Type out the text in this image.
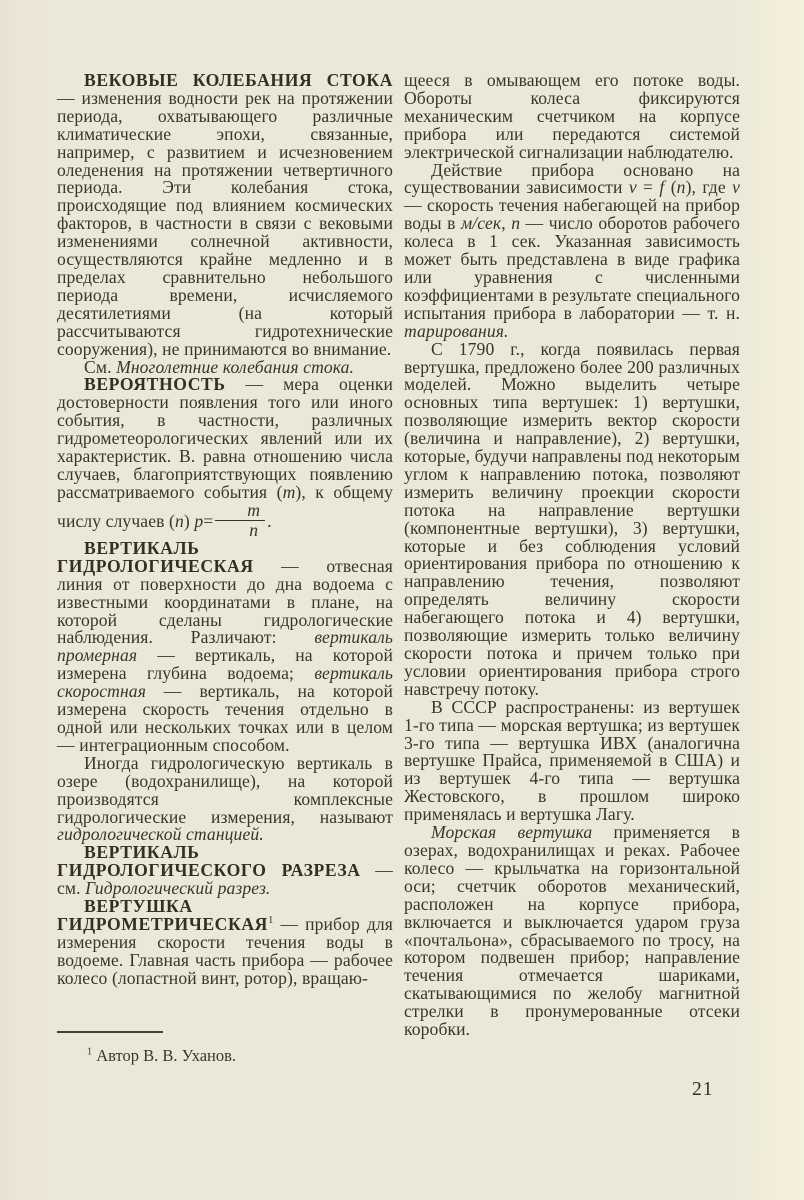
ВЕКОВЫЕ КОЛЕБАНИЯ СТОКА — изменения водности рек на протяжении периода, охватывающего различные климатические эпохи, связанные, например, с развитием и исчезновением оледенения на протяжении четвертичного периода. Эти колебания стока, происходящие под влиянием космических факторов, в частности в связи с вековыми изменениями солнечной активности, осуществляются крайне медленно и в пределах сравнительно небольшого периода времени, исчисляемого десятилетиями (на который рассчитываются гидротехнические сооружения), не принимаются во внимание.

См. Многолетние колебания стока.

ВЕРОЯТНОСТЬ — мера оценки достоверности появления того или иного события, в частности, различных гидрометеорологических явлений или их характеристик. В. равна отношению числа случаев, благоприятствующих появлению рассматриваемого события (m), к общему числу случаев (n) $p= \frac{m}{n}$ .

ВЕРТИКАЛЬ ГИДРОЛОГИЧЕСКАЯ — отвесная линия от поверхности до дна водоема с известными координатами в плане, на которой сделаны гидрологические наблюдения. Различают: вертикаль промерная — вертикаль, на которой измерена глубина водоема; вертикаль скоростная — вертикаль, на которой измерена скорость течения отдельно в одной или нескольких точках или в целом — интеграционным способом.

Иногда гидрологическую вертикаль в озере (водохранилище), на которой производятся комплексные гидрологические измерения, называют гидрологической станцией.

ВЕРТИКАЛЬ ГИДРОЛОГИЧЕСКОГО РАЗРЕЗА — см. Гидрологический разрез.

ВЕРТУШКА ГИДРОМЕТРИЧЕСКАЯ$^1$ — прибор для измерения скорости течения воды в водоеме. Главная часть прибора — рабочее колесо (лопастной винт, ротор), вращаю-

щееся в омывающем его потоке воды. Обороты колеса фиксируются механическим счетчиком на корпусе прибора или передаются системой электрической сигнализации наблюдателю.

Действие прибора основано на существовании зависимости v = f (n), где v — скорость течения набегающей на прибор воды в м/сек, n — число оборотов рабочего колеса в 1 сек. Указанная зависимость может быть представлена в виде графика или уравнения с численными коэффициентами в результате специального испытания прибора в лаборатории — т. н. тарирования.

С 1790 г., когда появилась первая вертушка, предложено более 200 различных моделей. Можно выделить четыре основных типа вертушек: 1) вертушки, позволяющие измерить вектор скорости (величина и направление), 2) вертушки, которые, будучи направлены под некоторым углом к направлению потока, позволяют измерить величину проекции скорости потока на направление вертушки (компонентные вертушки), 3) вертушки, которые и без соблюдения условий ориентирования прибора по отношению к направлению течения, позволяют определять величину скорости набегающего потока и 4) вертушки, позволяющие измерить только величину скорости потока и причем только при условии ориентирования прибора строго навстречу потоку.

В СССР распространены: из вертушек 1-го типа — морская вертушка; из вертушек 3-го типа — вертушка ИВХ (аналогична вертушке Прайса, применяемой в США) и из вертушек 4-го типа — вертушка Жестовского, в прошлом широко применялась и вертушка Лагу.

Морская вертушка применяется в озерах, водохранилищах и реках. Рабочее колесо — крыльчатка на горизонтальной оси; счетчик оборотов механический, расположен на корпусе прибора, включается и выключается ударом груза «почтальона», сбрасываемого по тросу, на котором подвешен прибор; направление течения отмечается шариками, скатывающимися по желобу магнитной стрелки в пронумерованные отсеки коробки.

$^1$ Автор В. В. Уханов.

21
